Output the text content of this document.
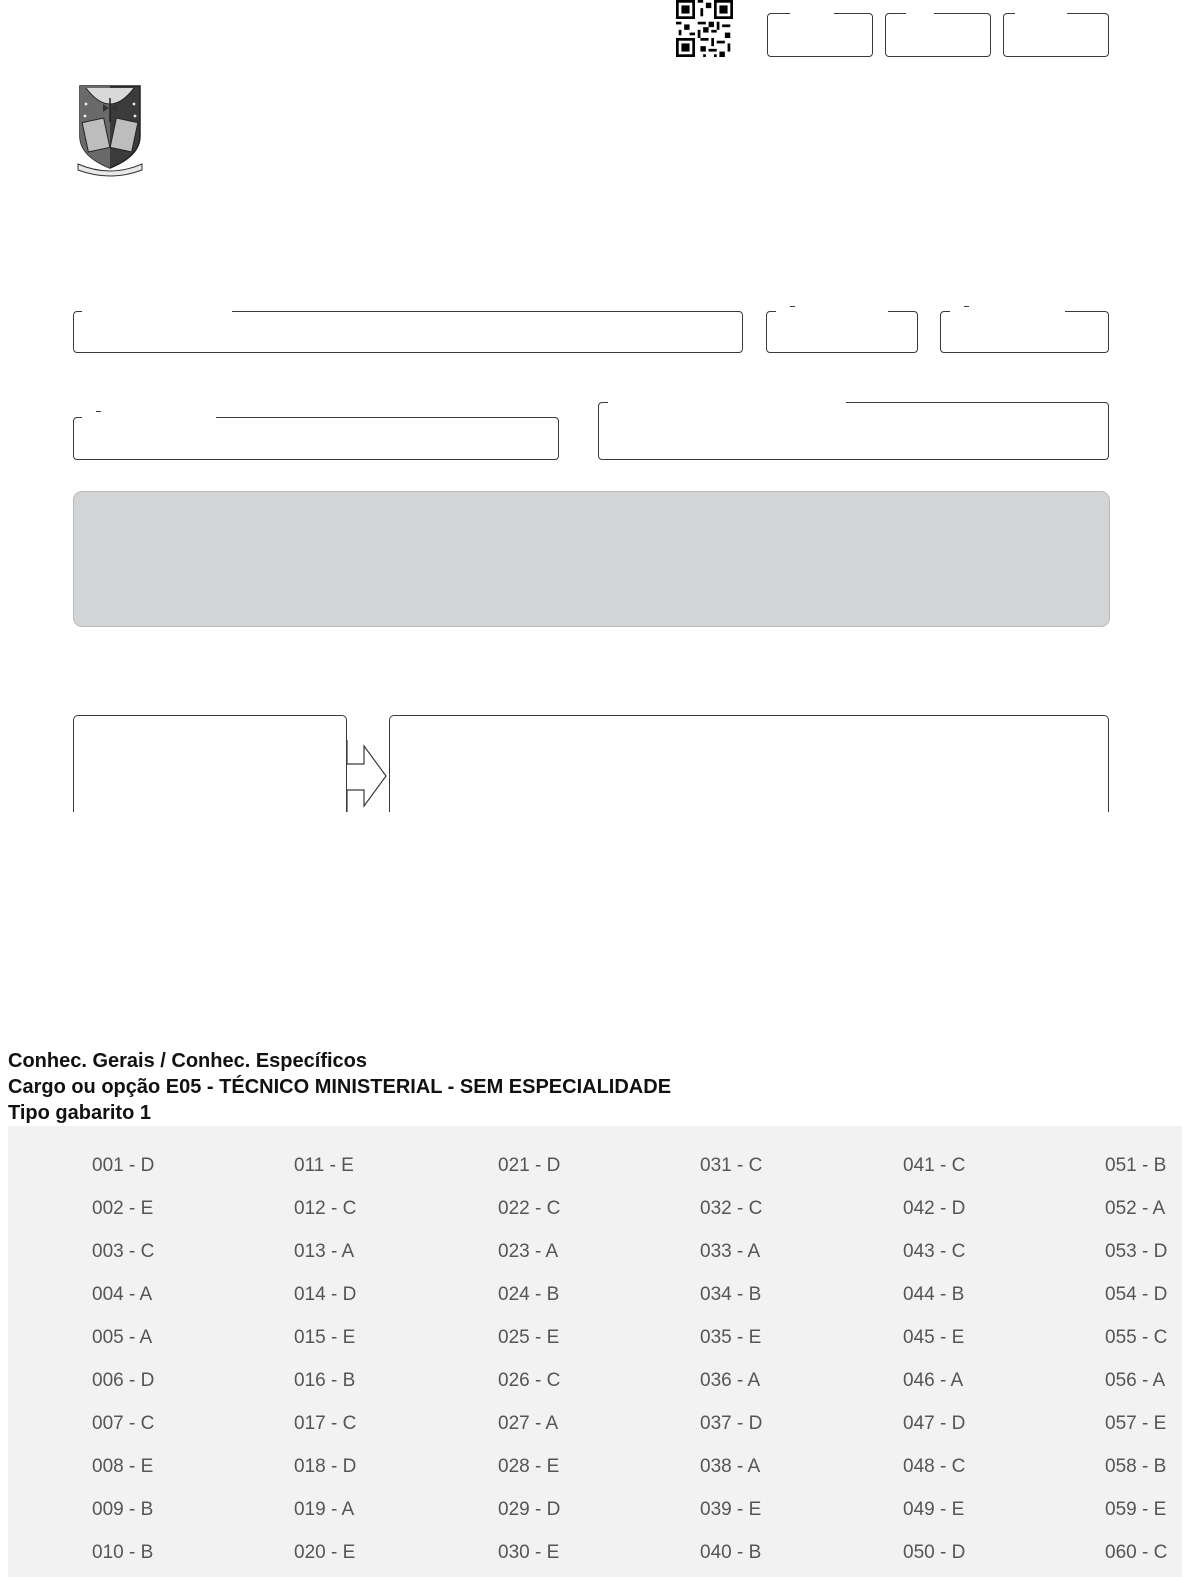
Conhec. Gerais / Conhec. Específicos
Cargo ou opção E05 - TÉCNICO MINISTERIAL - SEM ESPECIALIDADE
Tipo gabarito 1
001 - D
002 - E
003 - C
004 - A
005 - A
006 - D
007 - C
008 - E
009 - B
010 - B
011 - E
012 - C
013 - A
014 - D
015 - E
016 - B
017 - C
018 - D
019 - A
020 - E
021 - D
022 - C
023 - A
024 - B
025 - E
026 - C
027 - A
028 - E
029 - D
030 - E
031 - C
032 - C
033 - A
034 - B
035 - E
036 - A
037 - D
038 - A
039 - E
040 - B
041 - C
042 - D
043 - C
044 - B
045 - E
046 - A
047 - D
048 - C
049 - E
050 - D
051 - B
052 - A
053 - D
054 - D
055 - C
056 - A
057 - E
058 - B
059 - E
060 - C
